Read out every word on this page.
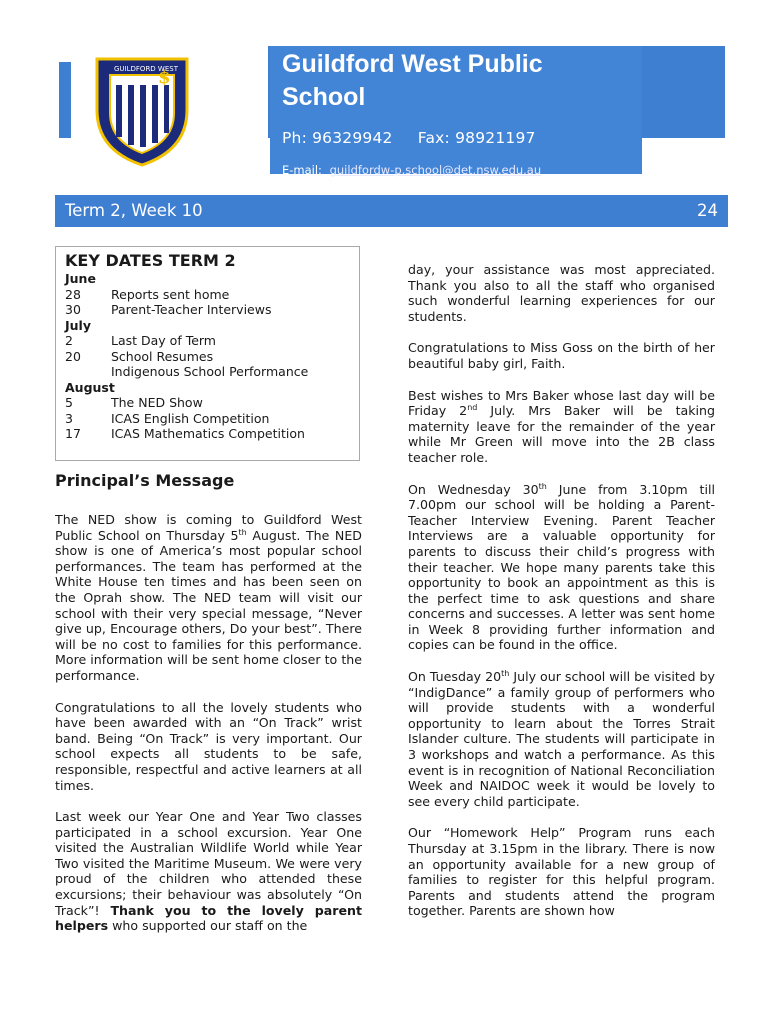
$
GUILDFORD WEST	Guildford West Public School
Ph: 96329942 Fax: 98921197
E-mail: guildfordw-p.school@det.nsw.edu.au
Term 2, Week 10	24
KEY DATES TERM 2
June
28	Reports sent home
30	Parent-Teacher Interviews
July
2	Last Day of Term
20	School Resumes
Indigenous School Performance
August
5	The NED Show
3	ICAS English Competition
17	ICAS Mathematics Competition
Principal’s Message

The NED show is coming to Guildford West Public School on Thursday 5th August. The NED show is one of America’s most popular school performances. The team has performed at the White House ten times and has been seen on the Oprah show. The NED team will visit our school with their very special message, “Never give up, Encourage others, Do your best”. There will be no cost to families for this performance. More information will be sent home closer to the performance.

Congratulations to all the lovely students who have been awarded with an “On Track” wrist band. Being “On Track” is very important. Our school expects all students to be safe, responsible, respectful and active learners at all times.

Last week our Year One and Year Two classes participated in a school excursion. Year One visited the Australian Wildlife World while Year Two visited the Maritime Museum. We were very proud of the children who attended these excursions; their behaviour was absolutely “On Track”! Thank you to the lovely parent helpers who supported our staff on the

day, your assistance was most appreciated. Thank you also to all the staff who organised such wonderful learning experiences for our students.

Congratulations to Miss Goss on the birth of her beautiful baby girl, Faith.

Best wishes to Mrs Baker whose last day will be Friday 2nd July. Mrs Baker will be taking maternity leave for the remainder of the year while Mr Green will move into the 2B class teacher role.

On Wednesday 30th June from 3.10pm till 7.00pm our school will be holding a Parent-Teacher Interview Evening. Parent Teacher Interviews are a valuable opportunity for parents to discuss their child’s progress with their teacher. We hope many parents take this opportunity to book an appointment as this is the perfect time to ask questions and share concerns and successes. A letter was sent home in Week 8 providing further information and copies can be found in the office.

On Tuesday 20th July our school will be visited by “IndigDance” a family group of performers who will provide students with a wonderful opportunity to learn about the Torres Strait Islander culture. The students will participate in 3 workshops and watch a performance. As this event is in recognition of National Reconciliation Week and NAIDOC week it would be lovely to see every child participate.

Our “Homework Help” Program runs each Thursday at 3.15pm in the library. There is now an opportunity available for a new group of families to register for this helpful program. Parents and students attend the program together. Parents are shown how
